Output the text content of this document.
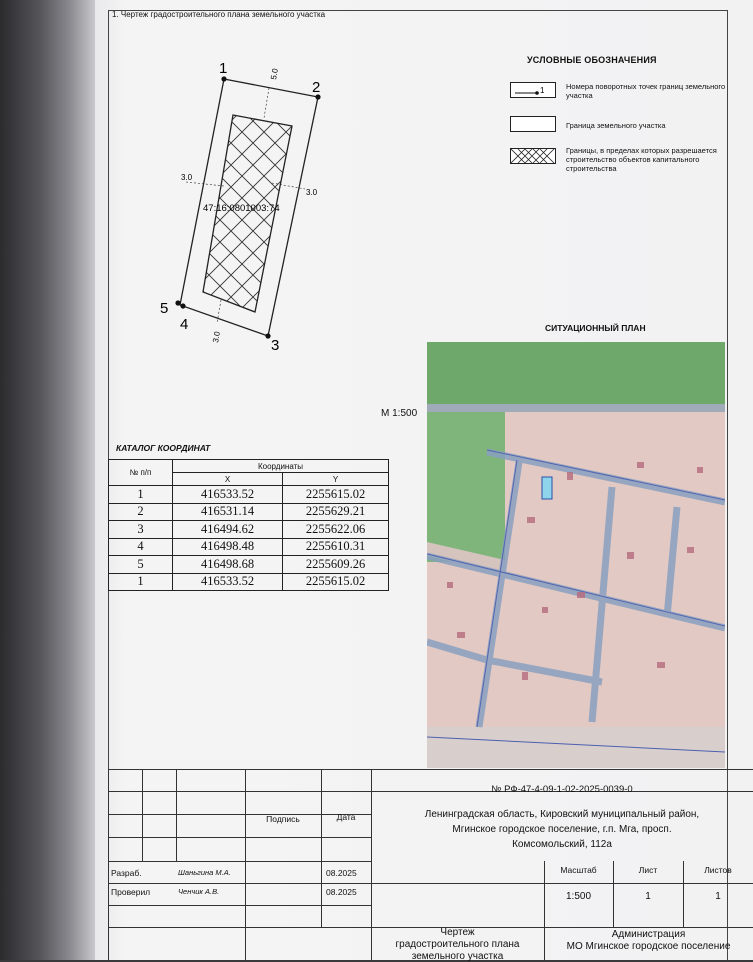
1. Чертеж градостроительного плана земельного участка
1
2
3
4
5
5.0
3.0
3.0
3.0
47:16:0801003:74
УСЛОВНЫЕ ОБОЗНАЧЕНИЯ
1	Номера поворотных точек границ земельного участка
Граница земельного участка
Границы, в пределах которых разрешается строительство объектов капитального строительства
СИТУАЦИОННЫЙ ПЛАН
М 1:500
КАТАЛОГ КООРДИНАТ
№ п/п	Координаты	
	X	Y
1	416533.52	2255615.02
2	416531.14	2255629.21
3	416494.62	2255622.06
4	416498.48	2255610.31
5	416498.68	2255609.26
1	416533.52	2255615.02
Подпись	Дата
Разраб.	Шаньгина М.А.	08.2025
Проверил	Ченчик А.В.	08.2025
№ РФ-47-4-09-1-02-2025-0039-0
Ленинградская область, Кировский муниципальный район,
Мгинское городское поселение, г.п. Мга, просп.
Комсомольский, 112а
Масштаб	Лист	Листов
1:500	1	1
Чертеж
градостроительного плана
земельного участка
Администрация
МО Мгинское городское поселение
